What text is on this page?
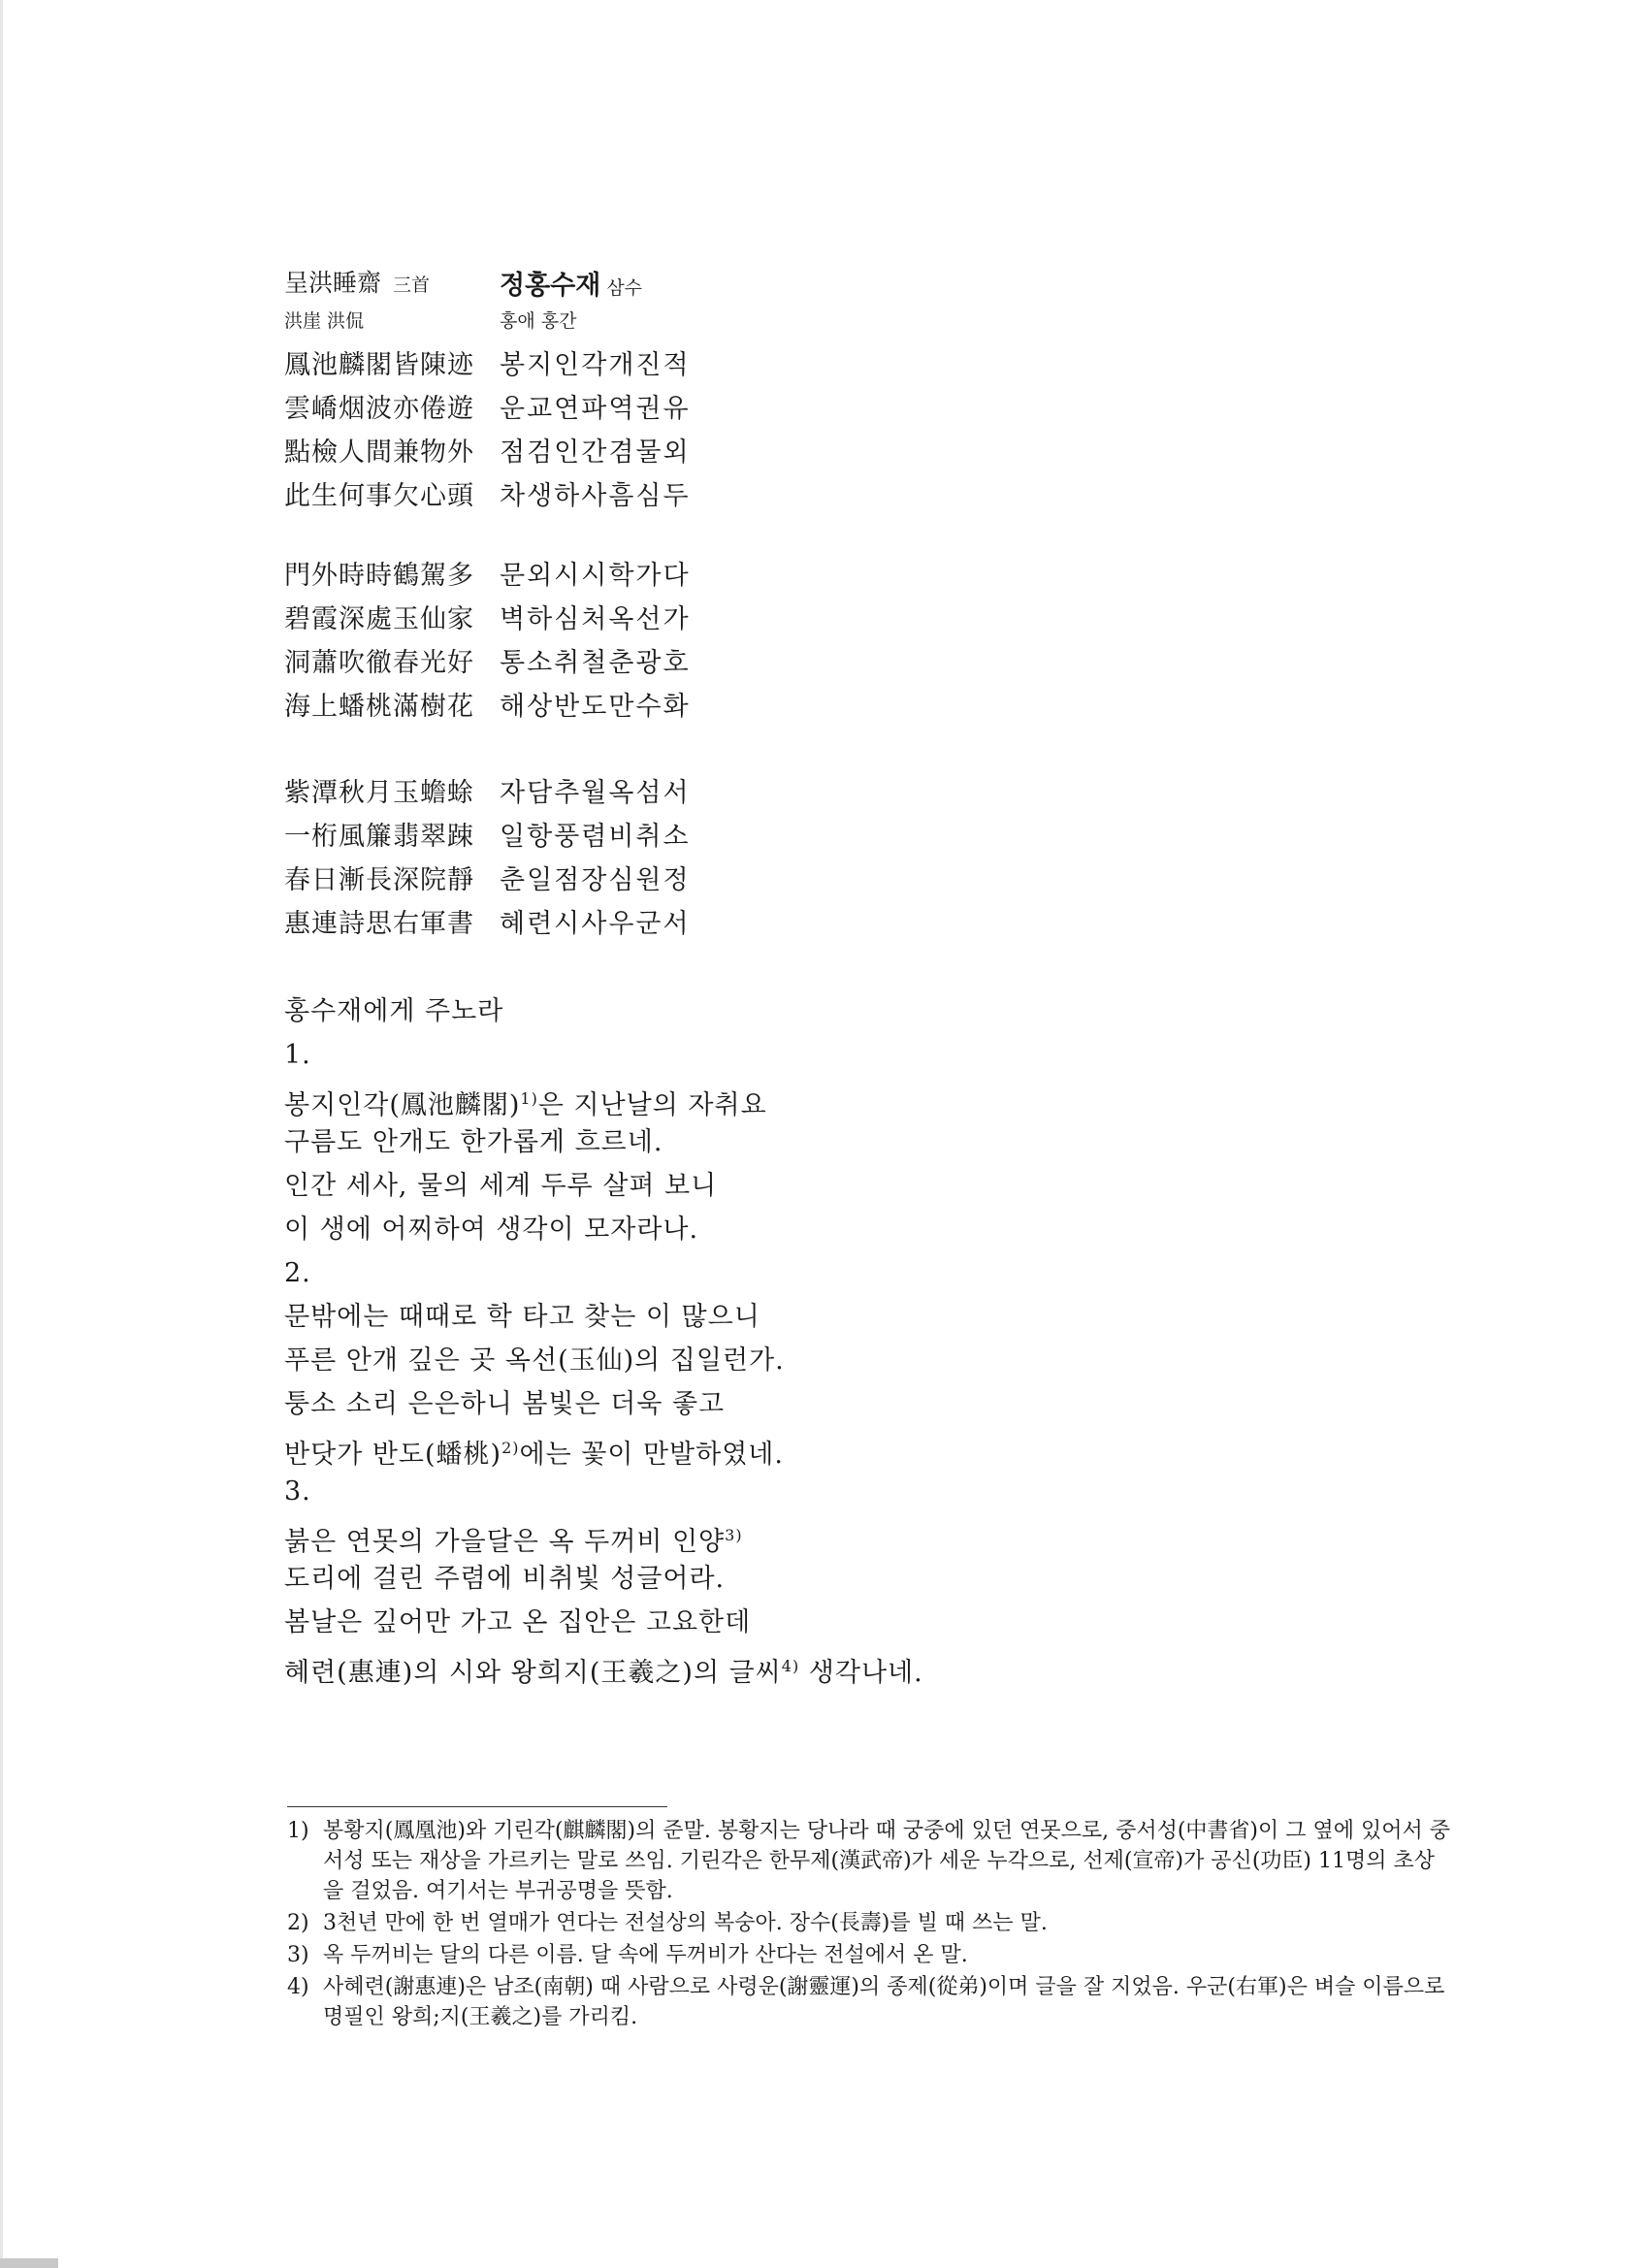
呈洪睡齋 三首	정홍수재 삼수
洪崖 洪侃	홍애 홍간
鳳池麟閣皆陳迹 봉지인각개진적
雲嶠烟波亦倦遊 운교연파역권유
點檢人間兼物外 점검인간겸물외
此生何事欠心頭 차생하사흠심두
門外時時鶴駕多 문외시시학가다
碧霞深處玉仙家 벽하심처옥선가
洞蕭吹徹春光好 통소취철춘광호
海上蟠桃滿樹花 해상반도만수화
紫潭秋月玉蟾蜍 자담추월옥섬서
一桁風簾翡翠踈 일항풍렴비취소
春日漸長深院靜 춘일점장심원정
惠連詩思右軍書 혜련시사우군서
홍수재에게 주노라
1.
봉지인각(鳳池麟閣)$^{1)}$은 지난날의 자취요
구름도 안개도 한가롭게 흐르네.
인간 세사, 물의 세계 두루 살펴 보니
이 생에 어찌하여 생각이 모자라나.
2.
문밖에는 때때로 학 타고 찾는 이 많으니
푸른 안개 깊은 곳 옥선(玉仙)의 집일런가.
퉁소 소리 은은하니 봄빛은 더욱 좋고
반닷가 반도(蟠桃)$^{2)}$에는 꽃이 만발하였네.
3.
붉은 연못의 가을달은 옥 두꺼비 인양$^{3)}$
도리에 걸린 주렴에 비취빛 성글어라.
봄날은 깊어만 가고 온 집안은 고요한데
혜련(惠連)의 시와 왕희지(王羲之)의 글씨$^{4)}$ 생각나네.
1) 봉황지(鳳凰池)와 기린각(麒麟閣)의 준말. 봉황지는 당나라 때 궁중에 있던 연못으로, 중서성(中書省)이 그 옆에 있어서 중서성 또는 재상을 가르키는 말로 쓰임. 기린각은 한무제(漢武帝)가 세운 누각으로, 선제(宣帝)가 공신(功臣) 11명의 초상을 걸었음. 여기서는 부귀공명을 뜻함.
2) 3천년 만에 한 번 열매가 연다는 전설상의 복숭아. 장수(長壽)를 빌 때 쓰는 말.
3) 옥 두꺼비는 달의 다른 이름. 달 속에 두꺼비가 산다는 전설에서 온 말.
4) 사혜련(謝惠連)은 남조(南朝) 때 사람으로 사령운(謝靈運)의 종제(從弟)이며 글을 잘 지었음. 우군(右軍)은 벼슬 이름으로 명필인 왕희;지(王羲之)를 가리킴.
